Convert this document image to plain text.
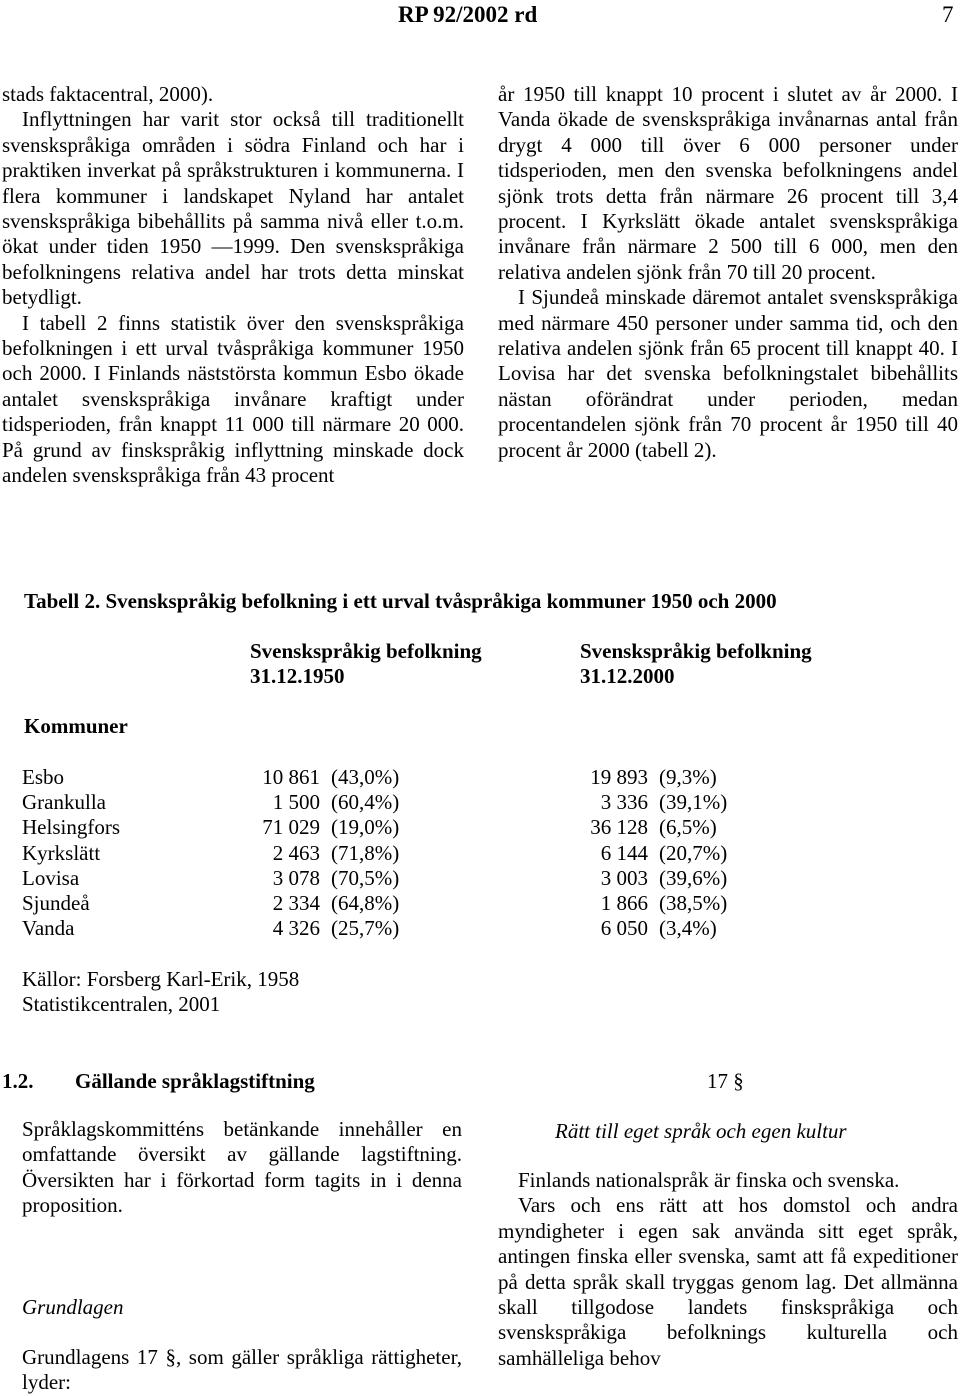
RP 92/2002 rd	7

stads faktacentral, 2000).

Inflyttningen har varit stor också till traditionellt svenskspråkiga områden i södra Finland och har i praktiken inverkat på språkstrukturen i kommunerna. I flera kommuner i landskapet Nyland har antalet svenskspråkiga bibehållits på samma nivå eller t.o.m. ökat under tiden 1950 —1999. Den svenskspråkiga befolkningens relativa andel har trots detta minskat betydligt.

I tabell 2 finns statistik över den svenskspråkiga befolkningen i ett urval tvåspråkiga kommuner 1950 och 2000. I Finlands näststörsta kommun Esbo ökade antalet svenskspråkiga invånare kraftigt under tidsperioden, från knappt 11 000 till närmare 20 000. På grund av finskspråkig inflyttning minskade dock andelen svenskspråkiga från 43 procent

år 1950 till knappt 10 procent i slutet av år 2000. I Vanda ökade de svenskspråkiga invånarnas antal från drygt 4 000 till över 6 000 personer under tidsperioden, men den svenska befolkningens andel sjönk trots detta från närmare 26 procent till 3,4 procent. I Kyrkslätt ökade antalet svenskspråkiga invånare från närmare 2 500 till 6 000, men den relativa andelen sjönk från 70 till 20 procent.

I Sjundeå minskade däremot antalet svenskspråkiga med närmare 450 personer under samma tid, och den relativa andelen sjönk från 65 procent till knappt 40. I Lovisa har det svenska befolkningstalet bibehållits nästan oförändrat under perioden, medan procentandelen sjönk från 70 procent år 1950 till 40 procent år 2000 (tabell 2).

Tabell 2. Svenskspråkig befolkning i ett urval tvåspråkiga kommuner 1950 och 2000
Svenskspråkig befolkning
31.12.1950
Svenskspråkig befolkning
31.12.2000
Kommuner
Esbo	10 861 (43,0%)	19 893 (9,3%)
Grankulla	1 500 (60,4%)	3 336 (39,1%)
Helsingfors	71 029 (19,0%)	36 128 (6,5%)
Kyrkslätt	2 463 (71,8%)	6 144 (20,7%)
Lovisa	3 078 (70,5%)	3 003 (39,6%)
Sjundeå	2 334 (64,8%)	1 866 (38,5%)
Vanda	4 326 (25,7%)	6 050 (3,4%)
Källor: Forsberg Karl-Erik, 1958
Statistikcentralen, 2001
1.2. Gällande språklagstiftning	17 §

Språklagskommitténs betänkande innehåller en omfattande översikt av gällande lagstiftning. Översikten har i förkortad form tagits in i denna proposition.

Grundlagen

Grundlagens 17 §, som gäller språkliga rättigheter, lyder:

Rätt till eget språk och egen kultur

Finlands nationalspråk är finska och svenska.

Vars och ens rätt att hos domstol och andra myndigheter i egen sak använda sitt eget språk, antingen finska eller svenska, samt att få expeditioner på detta språk skall tryggas genom lag. Det allmänna skall tillgodose landets finskspråkiga och svenskspråkiga befolknings kulturella och samhälleliga behov
